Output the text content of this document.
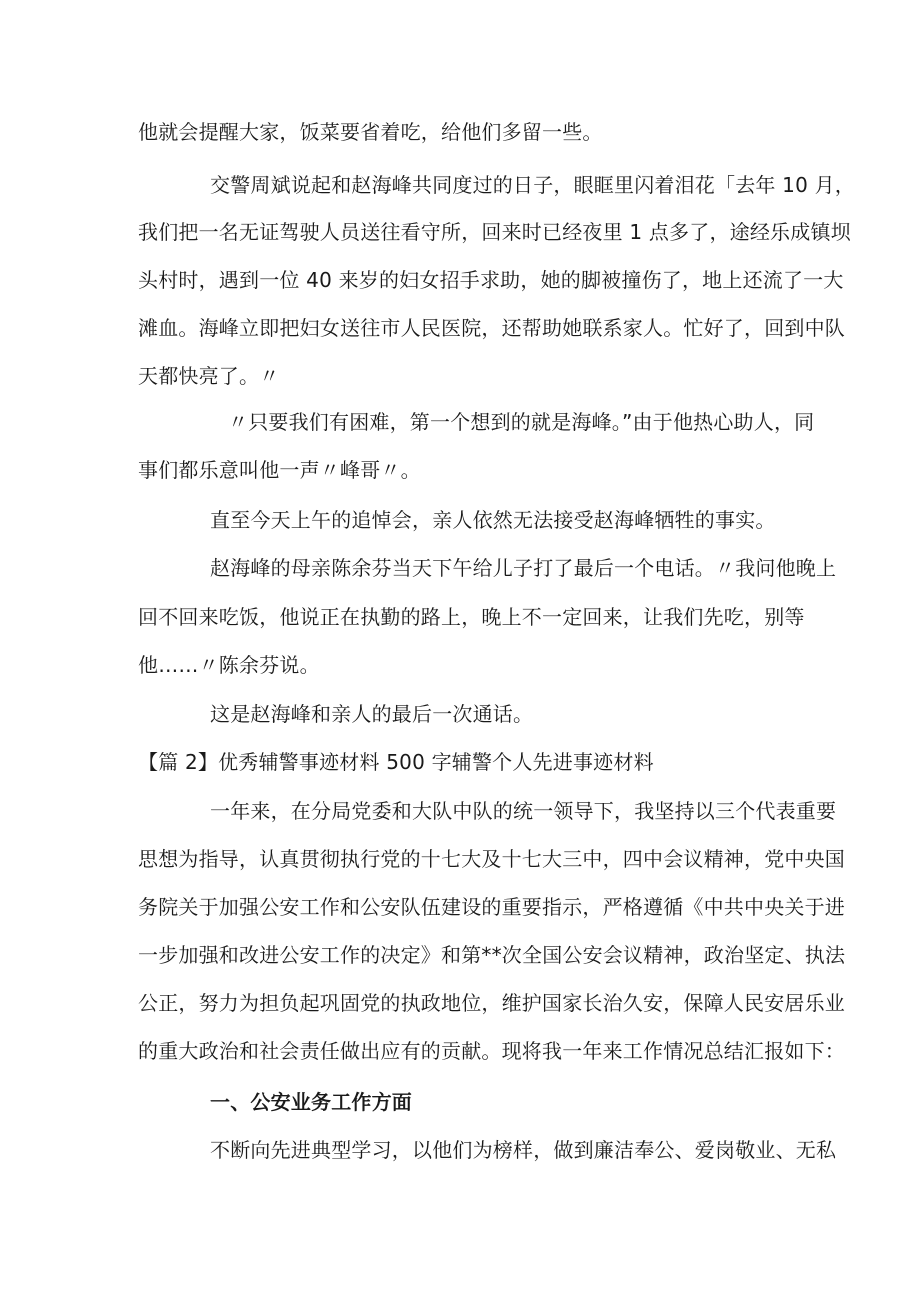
他就会提醒大家，饭菜要省着吃，给他们多留一些。
交警周斌说起和赵海峰共同度过的日子，眼眶里闪着泪花「去年 10 月，
我们把一名无证驾驶人员送往看守所，回来时已经夜里 1 点多了，途经乐成镇坝
头村时，遇到一位 40 来岁的妇女招手求助，她的脚被撞伤了，地上还流了一大
滩血。海峰立即把妇女送往市人民医院，还帮助她联系家人。忙好了，回到中队
天都快亮了。〃
〃只要我们有困难，第一个想到的就是海峰。”由于他热心助人，同
事们都乐意叫他一声〃峰哥〃。
直至今天上午的追悼会，亲人依然无法接受赵海峰牺牲的事实。
赵海峰的母亲陈余芬当天下午给儿子打了最后一个电话。〃我问他晚上
回不回来吃饭，他说正在执勤的路上，晚上不一定回来，让我们先吃，别等
他……〃陈余芬说。
这是赵海峰和亲人的最后一次通话。
【篇 2】优秀辅警事迹材料 500 字辅警个人先进事迹材料
一年来，在分局党委和大队中队的统一领导下，我坚持以三个代表重要
思想为指导，认真贯彻执行党的十七大及十七大三中，四中会议精神，党中央国
务院关于加强公安工作和公安队伍建设的重要指示，严格遵循《中共中央关于进
一步加强和改进公安工作的决定》和第**次全国公安会议精神，政治坚定、执法
公正，努力为担负起巩固党的执政地位，维护国家长治久安，保障人民安居乐业
的重大政治和社会责任做出应有的贡献。现将我一年来工作情况总结汇报如下：
一、公安业务工作方面
不断向先进典型学习，以他们为榜样，做到廉洁奉公、爱岗敬业、无私
